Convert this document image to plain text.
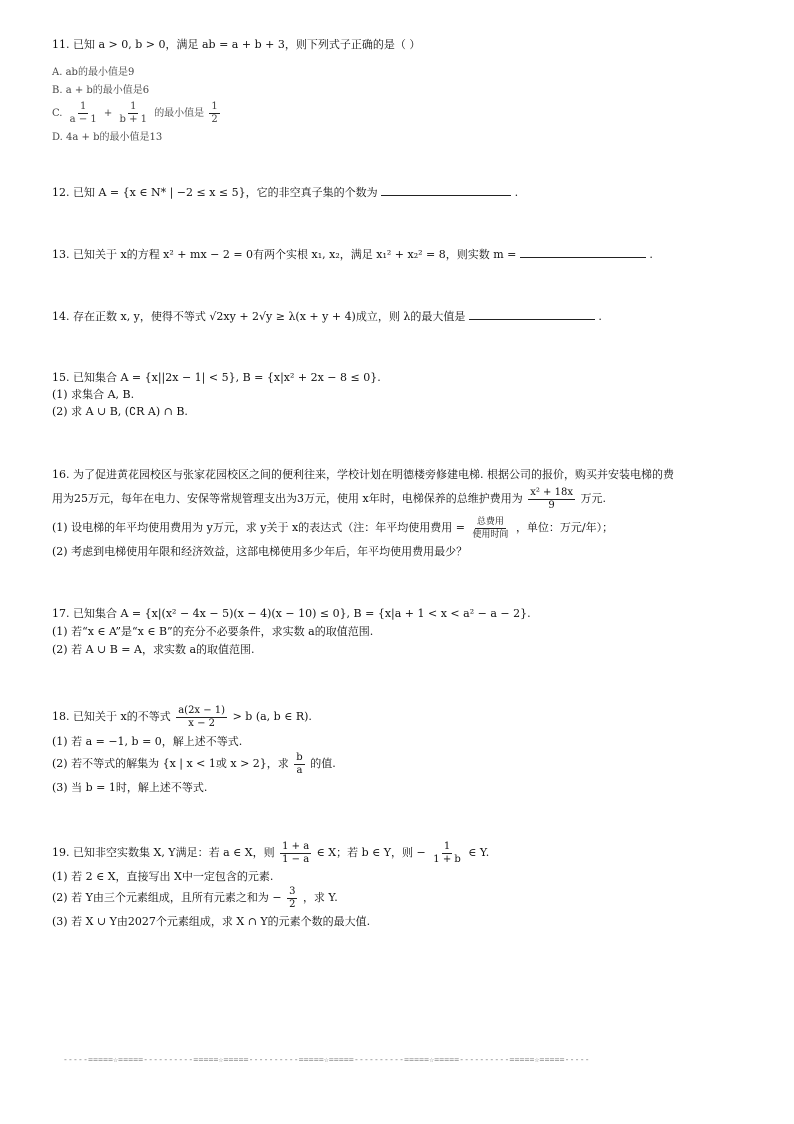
11. 已知 a > 0, b > 0，满足 ab = a + b + 3，则下列式子正确的是（ ）
A. ab的最小值是9
B. a + b的最小值是6
C. $\frac{1}{a - 1} + \frac{1}{b + 1}$ 的最小值是 $\frac{1}{2}$
D. 4a + b的最小值是13
12. 已知 A = {x ∈ N* | −2 ≤ x ≤ 5}，它的非空真子集的个数为	.
13. 已知关于 x的方程 x² + mx − 2 = 0有两个实根 x₁, x₂，满足 x₁² + x₂² = 8，则实数 m =	.
14. 存在正数 x, y，使得不等式 √2xy + 2√y ≥ λ(x + y + 4)成立，则 λ的最大值是	.
15. 已知集合 A = {x||2x − 1| < 5}, B = {x|x² + 2x − 8 ≤ 0}.
(1) 求集合 A, B.
(2) 求 A ∪ B, (∁R A) ∩ B.
16. 为了促进黄花园校区与张家花园校区之间的便利往来，学校计划在明德楼旁修建电梯. 根据公司的报价，购买并安装电梯的费
用为25万元，每年在电力、安保等常规管理支出为3万元，使用 x年时，电梯保养的总维护费用为 $\frac{\text{x² + 18x}}{9}$ 万元.
(1) 设电梯的年平均使用费用为 y万元，求 y关于 x的表达式（注：年平均使用费用 = $\frac{\text{总费用}}{\text{使用时间}}$ ，单位：万元/年）；
(2) 考虑到电梯使用年限和经济效益，这部电梯使用多少年后，年平均使用费用最少？
17. 已知集合 A = {x|(x² − 4x − 5)(x − 4)(x − 10) ≤ 0}, B = {x|a + 1 < x < a² − a − 2}.
(1) 若“x ∈ A”是“x ∈ B”的充分不必要条件，求实数 a的取值范围.
(2) 若 A ∪ B = A，求实数 a的取值范围.
18. 已知关于 x的不等式 $\frac{a(2x - 1)}{x - 2} > b$ (a, b ∈ R).
(1) 若 a = −1, b = 0，解上述不等式.
(2) 若不等式的解集为 {x | x < 1或 x > 2}，求 $\frac{b}{a}$ 的值.
(3) 当 b = 1时，解上述不等式.
19. 已知非空实数集 X, Y满足：若 a ∈ X，则 $\frac{1 + a}{1 - a}$ ∈ X；若 b ∈ Y，则 − $\frac{1}{1 + b}$ ∈ Y.
(1) 若 2 ∈ X，直接写出 X中一定包含的元素.
(2) 若 Y由三个元素组成，且所有元素之和为 − $\frac{3}{2}$ ，求 Y.
(3) 若 X ∪ Y由2027个元素组成，求 X ∩ Y的元素个数的最大值.
-----=====☆=====----------=====☆=====----------=====☆=====----------=====☆=====----------=====☆=====-----
